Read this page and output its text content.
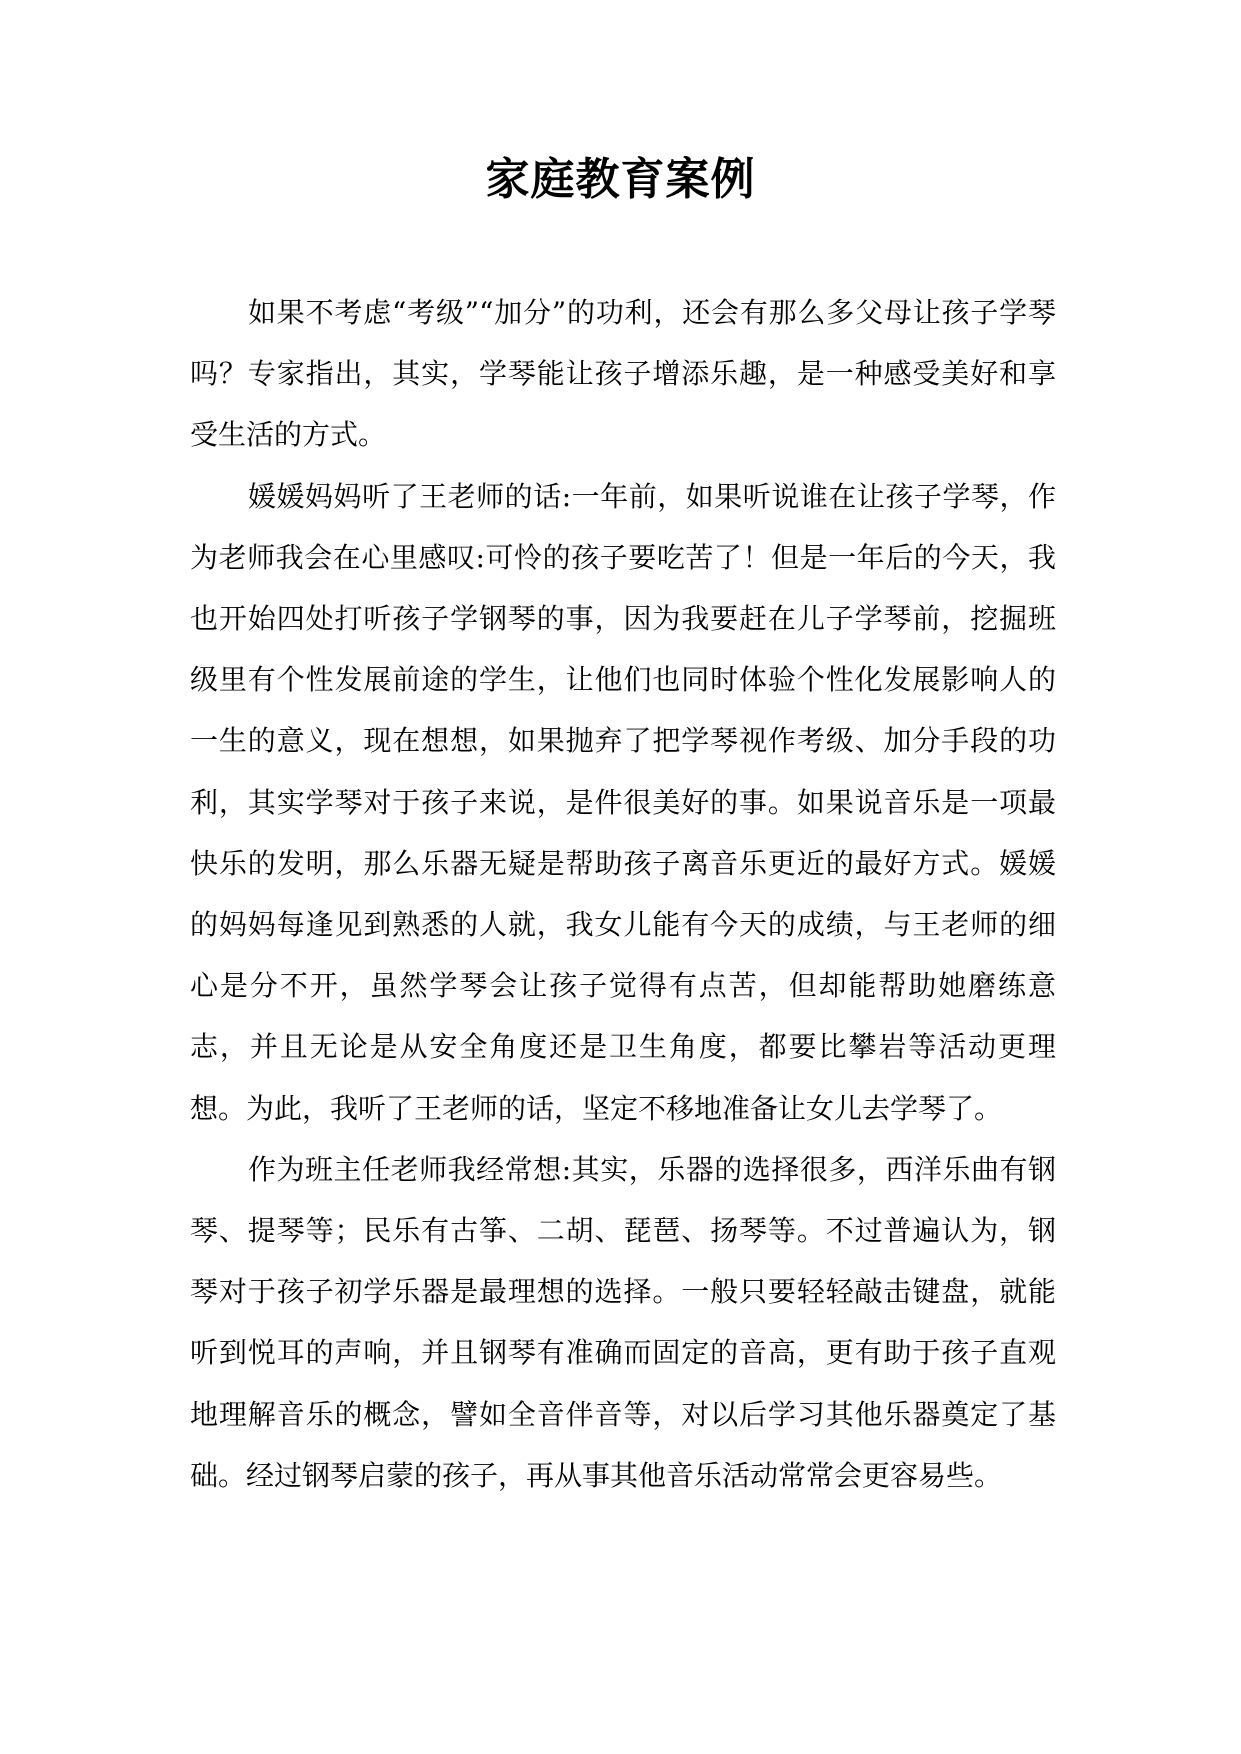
家庭教育案例

如果不考虑“考级”“加分”的功利，还会有那么多父母让孩子学琴吗？专家指出，其实，学琴能让孩子增添乐趣，是一种感受美好和享受生活的方式。

媛媛妈妈听了王老师的话:一年前，如果听说谁在让孩子学琴，作为老师我会在心里感叹:可怜的孩子要吃苦了！但是一年后的今天，我也开始四处打听孩子学钢琴的事，因为我要赶在儿子学琴前，挖掘班级里有个性发展前途的学生，让他们也同时体验个性化发展影响人的一生的意义，现在想想，如果抛弃了把学琴视作考级、加分手段的功利，其实学琴对于孩子来说，是件很美好的事。如果说音乐是一项最快乐的发明，那么乐器无疑是帮助孩子离音乐更近的最好方式。媛媛的妈妈每逢见到熟悉的人就，我女儿能有今天的成绩，与王老师的细心是分不开，虽然学琴会让孩子觉得有点苦，但却能帮助她磨练意志，并且无论是从安全角度还是卫生角度，都要比攀岩等活动更理想。为此，我听了王老师的话，坚定不移地准备让女儿去学琴了。

作为班主任老师我经常想:其实，乐器的选择很多，西洋乐曲有钢琴、提琴等；民乐有古筝、二胡、琵琶、扬琴等。不过普遍认为，钢琴对于孩子初学乐器是最理想的选择。一般只要轻轻敲击键盘，就能听到悦耳的声响，并且钢琴有准确而固定的音高，更有助于孩子直观地理解音乐的概念，譬如全音伴音等，对以后学习其他乐器奠定了基础。经过钢琴启蒙的孩子，再从事其他音乐活动常常会更容易些。
